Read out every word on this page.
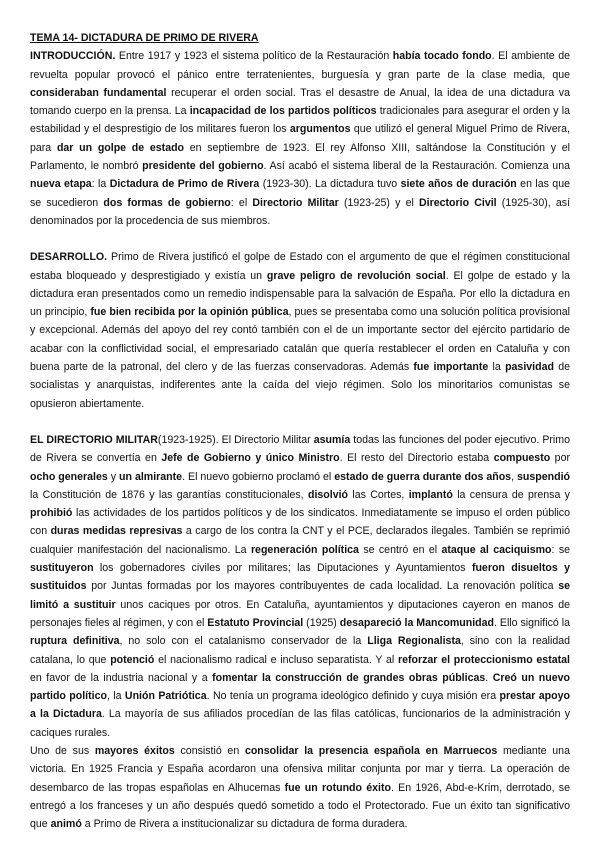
TEMA 14- DICTADURA DE PRIMO DE RIVERA

INTRODUCCIÓN. Entre 1917 y 1923 el sistema político de la Restauración había tocado fondo. El ambiente de revuelta popular provocó el pánico entre terratenientes, burguesía y gran parte de la clase media, que consideraban fundamental recuperar el orden social. Tras el desastre de Anual, la idea de una dictadura va tomando cuerpo en la prensa. La incapacidad de los partidos políticos tradicionales para asegurar el orden y la estabilidad y el desprestigio de los militares fueron los argumentos que utilizó el general Miguel Primo de Rivera, para dar un golpe de estado en septiembre de 1923. El rey Alfonso XIII, saltándose la Constitución y el Parlamento, le nombró presidente del gobierno. Así acabó el sistema liberal de la Restauración. Comienza una nueva etapa: la Dictadura de Primo de Rivera (1923-30). La dictadura tuvo siete años de duración en las que se sucedieron dos formas de gobierno: el Directorio Militar (1923-25) y el Directorio Civil (1925-30), así denominados por la procedencia de sus miembros.

DESARROLLO. Primo de Rivera justificó el golpe de Estado con el argumento de que el régimen constitucional estaba bloqueado y desprestigiado y existía un grave peligro de revolución social. El golpe de estado y la dictadura eran presentados como un remedio indispensable para la salvación de España. Por ello la dictadura en un principio, fue bien recibida por la opinión pública, pues se presentaba como una solución política provisional y excepcional. Además del apoyo del rey contó también con el de un importante sector del ejército partidario de acabar con la conflictividad social, el empresariado catalán que quería restablecer el orden en Cataluña y con buena parte de la patronal, del clero y de las fuerzas conservadoras. Además fue importante la pasividad de socialistas y anarquistas, indiferentes ante la caída del viejo régimen. Solo los minoritarios comunistas se opusieron abiertamente.

EL DIRECTORIO MILITAR(1923-1925). El Directorio Militar asumía todas las funciones del poder ejecutivo. Primo de Rivera se convertía en Jefe de Gobierno y único Ministro. El resto del Directorio estaba compuesto por ocho generales y un almirante. El nuevo gobierno proclamó el estado de guerra durante dos años, suspendió la Constitución de 1876 y las garantías constitucionales, disolvió las Cortes, implantó la censura de prensa y prohibió las actividades de los partidos políticos y de los sindicatos. Inmediatamente se impuso el orden público con duras medidas represivas a cargo de los contra la CNT y el PCE, declarados ilegales. También se reprimió cualquier manifestación del nacionalismo. La regeneración política se centró en el ataque al caciquismo: se sustituyeron los gobernadores civiles por militares; las Diputaciones y Ayuntamientos fueron disueltos y sustituidos por Juntas formadas por los mayores contribuyentes de cada localidad. La renovación política se limitó a sustituir unos caciques por otros. En Cataluña, ayuntamientos y diputaciones cayeron en manos de personajes fieles al régimen, y con el Estatuto Provincial (1925) desapareció la Mancomunidad. Ello significó la ruptura definitiva, no solo con el catalanismo conservador de la Lliga Regionalista, sino con la realidad catalana, lo que potenció el nacionalismo radical e incluso separatista. Y al reforzar el proteccionismo estatal en favor de la industria nacional y a fomentar la construcción de grandes obras públicas. Creó un nuevo partido político, la Unión Patriótica. No tenía un programa ideológico definido y cuya misión era prestar apoyo a la Dictadura. La mayoría de sus afiliados procedían de las filas católicas, funcionarios de la administración y caciques rurales.

Uno de sus mayores éxitos consistió en consolidar la presencia española en Marruecos mediante una victoria. En 1925 Francia y España acordaron una ofensiva militar conjunta por mar y tierra. La operación de desembarco de las tropas españolas en Alhucemas fue un rotundo éxito. En 1926, Abd-e-Krim, derrotado, se entregó a los franceses y un año después quedó sometido a todo el Protectorado. Fue un éxito tan significativo que animó a Primo de Rivera a institucionalizar su dictadura de forma duradera.
